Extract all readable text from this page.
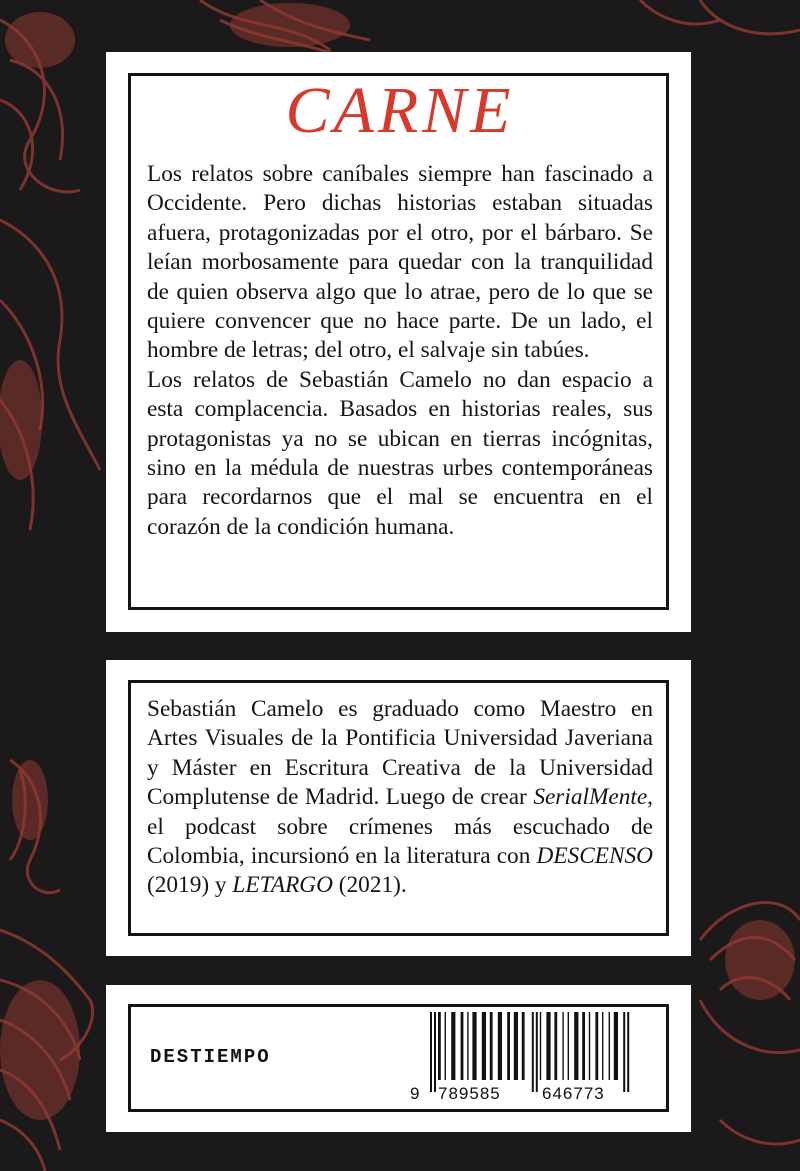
CARNE

Los relatos sobre caníbales siempre han fascinado a Occidente. Pero dichas historias estaban situadas afuera, protagonizadas por el otro, por el bárbaro. Se leían morbosamente para quedar con la tranquilidad de quien observa algo que lo atrae, pero de lo que se quiere convencer que no hace parte. De un lado, el hombre de letras; del otro, el salvaje sin tabúes.

Los relatos de Sebastián Camelo no dan espacio a esta complacencia. Basados en historias reales, sus protagonistas ya no se ubican en tierras incógnitas, sino en la médula de nuestras urbes contemporáneas para recordarnos que el mal se encuentra en el corazón de la condición humana.

Sebastián Camelo es graduado como Maestro en Artes Visuales de la Pontificia Universidad Javeriana y Máster en Escritura Creativa de la Universidad Complutense de Madrid. Luego de crear SerialMente, el podcast sobre crímenes más escuchado de Colombia, incursionó en la literatura con DESCENSO (2019) y LETARGO (2021).

DESTIEMPO
9 789585 646773
